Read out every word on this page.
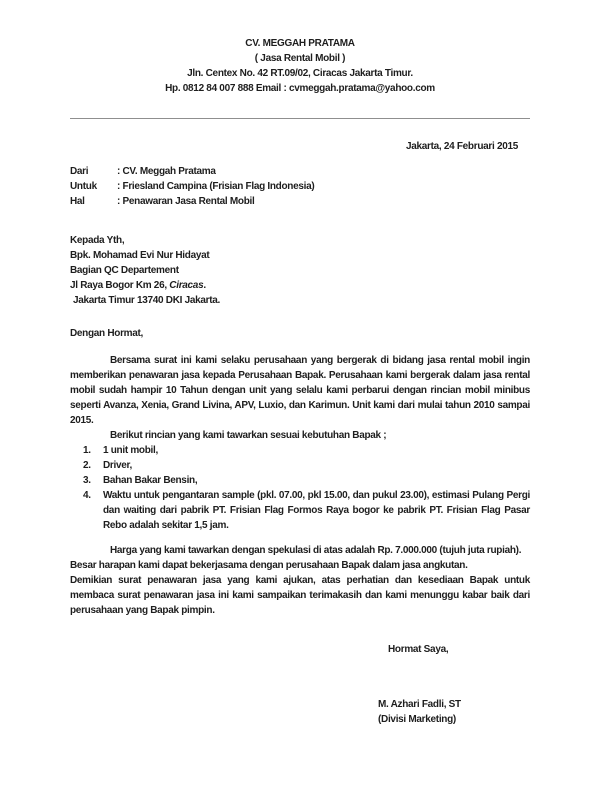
CV. MEGGAH PRATAMA
( Jasa Rental Mobil )
Jln. Centex No. 42 RT.09/02, Ciracas Jakarta Timur.
Hp. 0812 84 007 888 Email : cvmeggah.pratama@yahoo.com
Jakarta, 24 Februari 2015
Dari	: CV. Meggah Pratama
Untuk	: Friesland Campina (Frisian Flag Indonesia)
Hal	: Penawaran Jasa Rental Mobil
Kepada Yth,
Bpk. Mohamad Evi Nur Hidayat
Bagian QC Departement
Jl Raya Bogor Km 26, Ciracas.
Jakarta Timur 13740 DKI Jakarta.
Dengan Hormat,

Bersama surat ini kami selaku perusahaan yang bergerak di bidang jasa rental mobil ingin memberikan penawaran jasa kepada Perusahaan Bapak. Perusahaan kami bergerak dalam jasa rental mobil sudah hampir 10 Tahun dengan unit yang selalu kami perbarui dengan rincian mobil minibus seperti Avanza, Xenia, Grand Livina, APV, Luxio, dan Karimun. Unit kami dari mulai tahun 2010 sampai 2015.

Berikut rincian yang kami tawarkan sesuai kebutuhan Bapak ;

1.	1 unit mobil,
2.	Driver,
3.	Bahan Bakar Bensin,
4.	Waktu untuk pengantaran sample (pkl. 07.00, pkl 15.00, dan pukul 23.00), estimasi Pulang Pergi dan waiting dari pabrik PT. Frisian Flag Formos Raya bogor ke pabrik PT. Frisian Flag Pasar Rebo adalah sekitar 1,5 jam.

Harga yang kami tawarkan dengan spekulasi di atas adalah Rp. 7.000.000 (tujuh juta rupiah).

Besar harapan kami dapat bekerjasama dengan perusahaan Bapak dalam jasa angkutan.

Demikian surat penawaran jasa yang kami ajukan, atas perhatian dan kesediaan Bapak untuk membaca surat penawaran jasa ini kami sampaikan terimakasih dan kami menunggu kabar baik dari perusahaan yang Bapak pimpin.

Hormat Saya,
M. Azhari Fadli, ST
(Divisi Marketing)
